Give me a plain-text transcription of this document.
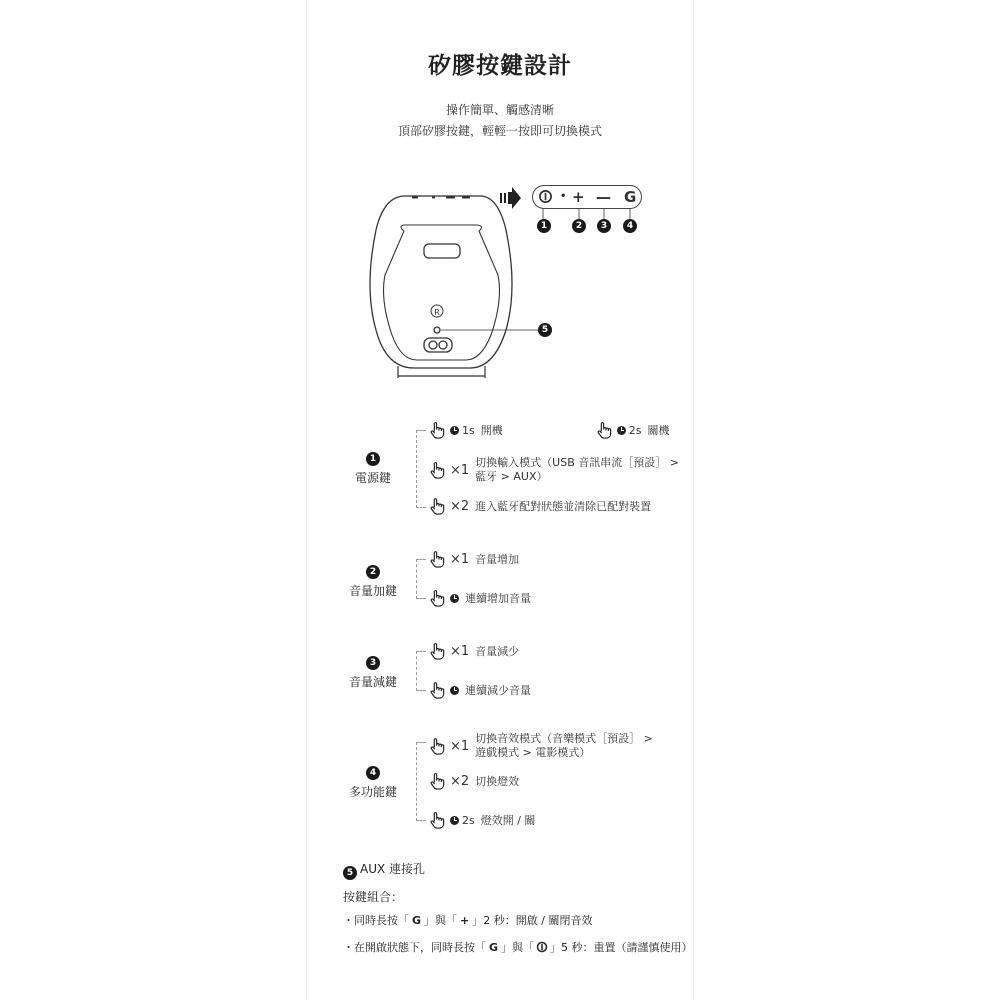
矽膠按鍵設計
操作簡單、觸感清晰
頂部矽膠按鍵，輕輕一按即可切換模式
R
• + — G
1	2	3	4
5
1
電源鍵
1s 開機	2s 關機
×1 切換輸入模式（USB 音訊串流［預設］ >
藍牙 > AUX）
×2 進入藍牙配對狀態並清除已配對裝置
2
音量加鍵
×1 音量增加
連續增加音量
3
音量減鍵
×1 音量減少
連續減少音量
4
多功能鍵
×1 切換音效模式（音樂模式［預設］ >
遊戲模式 > 電影模式）
×2 切換燈效
2s 燈效開 / 關
5 AUX 連接孔
按鍵組合：
・同時長按「 G 」與「 + 」2 秒：開啟 / 關閉音效
・在開啟狀態下，同時長按「 G 」與「 」5 秒：重置（請謹慎使用）
